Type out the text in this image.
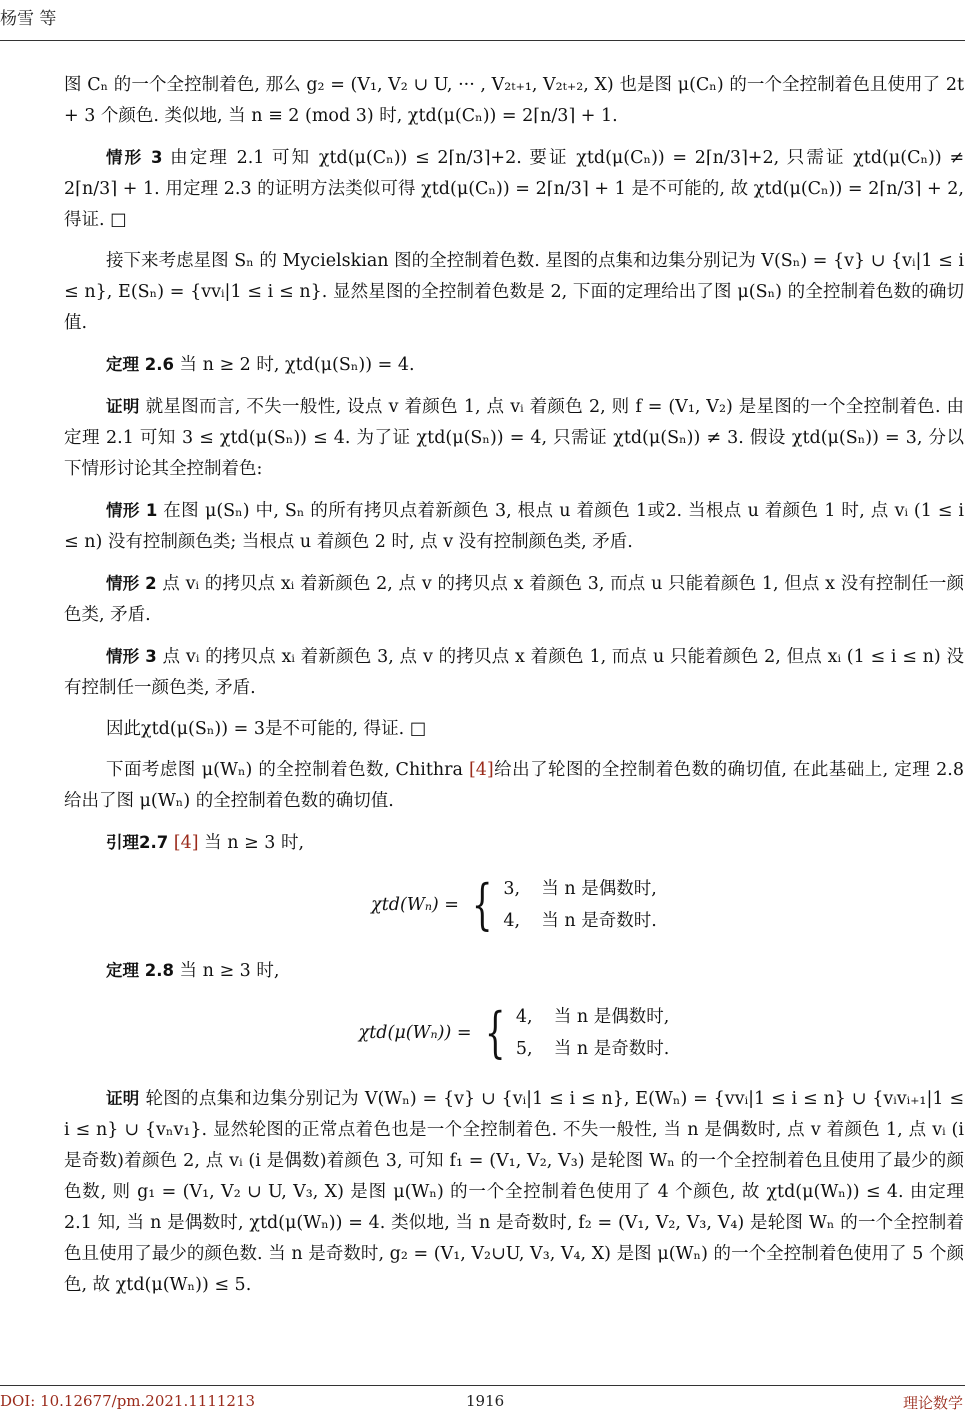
杨雪 等

图 Cₙ 的一个全控制着色, 那么 g₂ = (V₁, V₂ ∪ U, ··· , V₂ₜ₊₁, V₂ₜ₊₂, X) 也是图 μ(Cₙ) 的一个全控制着色且使用了 2t + 3 个颜色. 类似地, 当 n ≡ 2 (mod 3) 时, χtd(μ(Cₙ)) = 2⌈n/3⌉ + 1.

情形 3 由定理 2.1 可知 χtd(μ(Cₙ)) ≤ 2⌈n/3⌉+2. 要证 χtd(μ(Cₙ)) = 2⌈n/3⌉+2, 只需证 χtd(μ(Cₙ)) ≠ 2⌈n/3⌉ + 1. 用定理 2.3 的证明方法类似可得 χtd(μ(Cₙ)) = 2⌈n/3⌉ + 1 是不可能的, 故 χtd(μ(Cₙ)) = 2⌈n/3⌉ + 2, 得证. □

接下来考虑星图 Sₙ 的 Mycielskian 图的全控制着色数. 星图的点集和边集分别记为 V(Sₙ) = {v} ∪ {vᵢ|1 ≤ i ≤ n}, E(Sₙ) = {vvᵢ|1 ≤ i ≤ n}. 显然星图的全控制着色数是 2, 下面的定理给出了图 μ(Sₙ) 的全控制着色数的确切值.

定理 2.6 当 n ≥ 2 时, χtd(μ(Sₙ)) = 4.

证明 就星图而言, 不失一般性, 设点 v 着颜色 1, 点 vᵢ 着颜色 2, 则 f = (V₁, V₂) 是星图的一个全控制着色. 由定理 2.1 可知 3 ≤ χtd(μ(Sₙ)) ≤ 4. 为了证 χtd(μ(Sₙ)) = 4, 只需证 χtd(μ(Sₙ)) ≠ 3. 假设 χtd(μ(Sₙ)) = 3, 分以下情形讨论其全控制着色:

情形 1 在图 μ(Sₙ) 中, Sₙ 的所有拷贝点着新颜色 3, 根点 u 着颜色 1或2. 当根点 u 着颜色 1 时, 点 vᵢ (1 ≤ i ≤ n) 没有控制颜色类; 当根点 u 着颜色 2 时, 点 v 没有控制颜色类, 矛盾.

情形 2 点 vᵢ 的拷贝点 xᵢ 着新颜色 2, 点 v 的拷贝点 x 着颜色 3, 而点 u 只能着颜色 1, 但点 x 没有控制任一颜色类, 矛盾.

情形 3 点 vᵢ 的拷贝点 xᵢ 着新颜色 3, 点 v 的拷贝点 x 着颜色 1, 而点 u 只能着颜色 2, 但点 xᵢ (1 ≤ i ≤ n) 没有控制任一颜色类, 矛盾.

因此χtd(μ(Sₙ)) = 3是不可能的, 得证. □

下面考虑图 μ(Wₙ) 的全控制着色数, Chithra [4]给出了轮图的全控制着色数的确切值, 在此基础上, 定理 2.8 给出了图 μ(Wₙ) 的全控制着色数的确切值.

引理2.7 [4] 当 n ≥ 3 时,

χtd(Wₙ) = { 3, 当 n 是偶数时,
4, 当 n 是奇数时.

定理 2.8 当 n ≥ 3 时,

χtd(μ(Wₙ)) = { 4, 当 n 是偶数时,
5, 当 n 是奇数时.

证明 轮图的点集和边集分别记为 V(Wₙ) = {v} ∪ {vᵢ|1 ≤ i ≤ n}, E(Wₙ) = {vvᵢ|1 ≤ i ≤ n} ∪ {vᵢvᵢ₊₁|1 ≤ i ≤ n} ∪ {vₙv₁}. 显然轮图的正常点着色也是一个全控制着色. 不失一般性, 当 n 是偶数时, 点 v 着颜色 1, 点 vᵢ (i 是奇数)着颜色 2, 点 vᵢ (i 是偶数)着颜色 3, 可知 f₁ = (V₁, V₂, V₃) 是轮图 Wₙ 的一个全控制着色且使用了最少的颜色数, 则 g₁ = (V₁, V₂ ∪ U, V₃, X) 是图 μ(Wₙ) 的一个全控制着色使用了 4 个颜色, 故 χtd(μ(Wₙ)) ≤ 4. 由定理 2.1 知, 当 n 是偶数时, χtd(μ(Wₙ)) = 4. 类似地, 当 n 是奇数时, f₂ = (V₁, V₂, V₃, V₄) 是轮图 Wₙ 的一个全控制着色且使用了最少的颜色数. 当 n 是奇数时, g₂ = (V₁, V₂∪U, V₃, V₄, X) 是图 μ(Wₙ) 的一个全控制着色使用了 5 个颜色, 故 χtd(μ(Wₙ)) ≤ 5.

DOI: 10.12677/pm.2021.1111213	1916	理论数学
